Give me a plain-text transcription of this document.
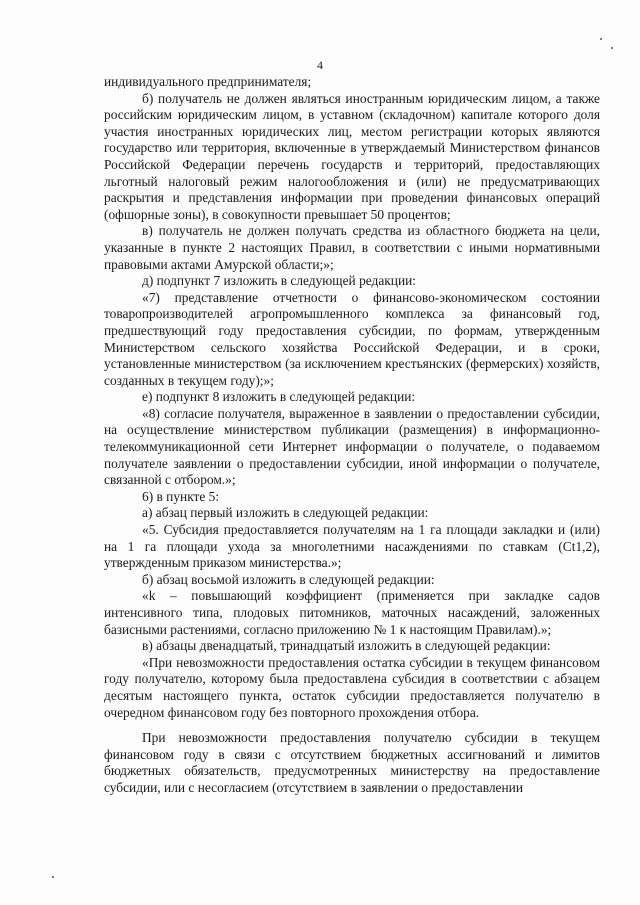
4

индивидуального предпринимателя;

б) получатель не должен являться иностранным юридическим лицом, а также российским юридическим лицом, в уставном (складочном) капитале которого доля участия иностранных юридических лиц, местом регистрации которых являются государство или территория, включенные в утверждаемый Министерством финансов Российской Федерации перечень государств и территорий, предоставляющих льготный налоговый режим налогообложения и (или) не предусматривающих раскрытия и представления информации при проведении финансовых операций (офшорные зоны), в совокупности превышает 50 процентов;

в) получатель не должен получать средства из областного бюджета на цели, указанные в пункте 2 настоящих Правил, в соответствии с иными нормативными правовыми актами Амурской области;»;

д) подпункт 7 изложить в следующей редакции:

«7) представление отчетности о финансово-экономическом состоянии товаропроизводителей агропромышленного комплекса за финансовый год, предшествующий году предоставления субсидии, по формам, утвержденным Министерством сельского хозяйства Российской Федерации, и в сроки, установленные министерством (за исключением крестьянских (фермерских) хозяйств, созданных в текущем году);»;

е) подпункт 8 изложить в следующей редакции:

«8) согласие получателя, выраженное в заявлении о предоставлении субсидии, на осуществление министерством публикации (размещения) в информационно-телекоммуникационной сети Интернет информации о получателе, о подаваемом получателе заявлении о предоставлении субсидии, иной информации о получателе, связанной с отбором.»;

6) в пункте 5:

а) абзац первый изложить в следующей редакции:

«5. Субсидия предоставляется получателям на 1 га площади закладки и (или) на 1 га площади ухода за многолетними насаждениями по ставкам (Ct1,2), утвержденным приказом министерства.»;

б) абзац восьмой изложить в следующей редакции:

«k – повышающий коэффициент (применяется при закладке садов интенсивного типа, плодовых питомников, маточных насаждений, заложенных базисными растениями, согласно приложению № 1 к настоящим Правилам).»;

в) абзацы двенадцатый, тринадцатый изложить в следующей редакции:

«При невозможности предоставления остатка субсидии в текущем финансовом году получателю, которому была предоставлена субсидия в соответствии с абзацем десятым настоящего пункта, остаток субсидии предоставляется получателю в очередном финансовом году без повторного прохождения отбора.

При невозможности предоставления получателю субсидии в текущем финансовом году в связи с отсутствием бюджетных ассигнований и лимитов бюджетных обязательств, предусмотренных министерству на предоставление субсидии, или с несогласием (отсутствием в заявлении о предоставлении
